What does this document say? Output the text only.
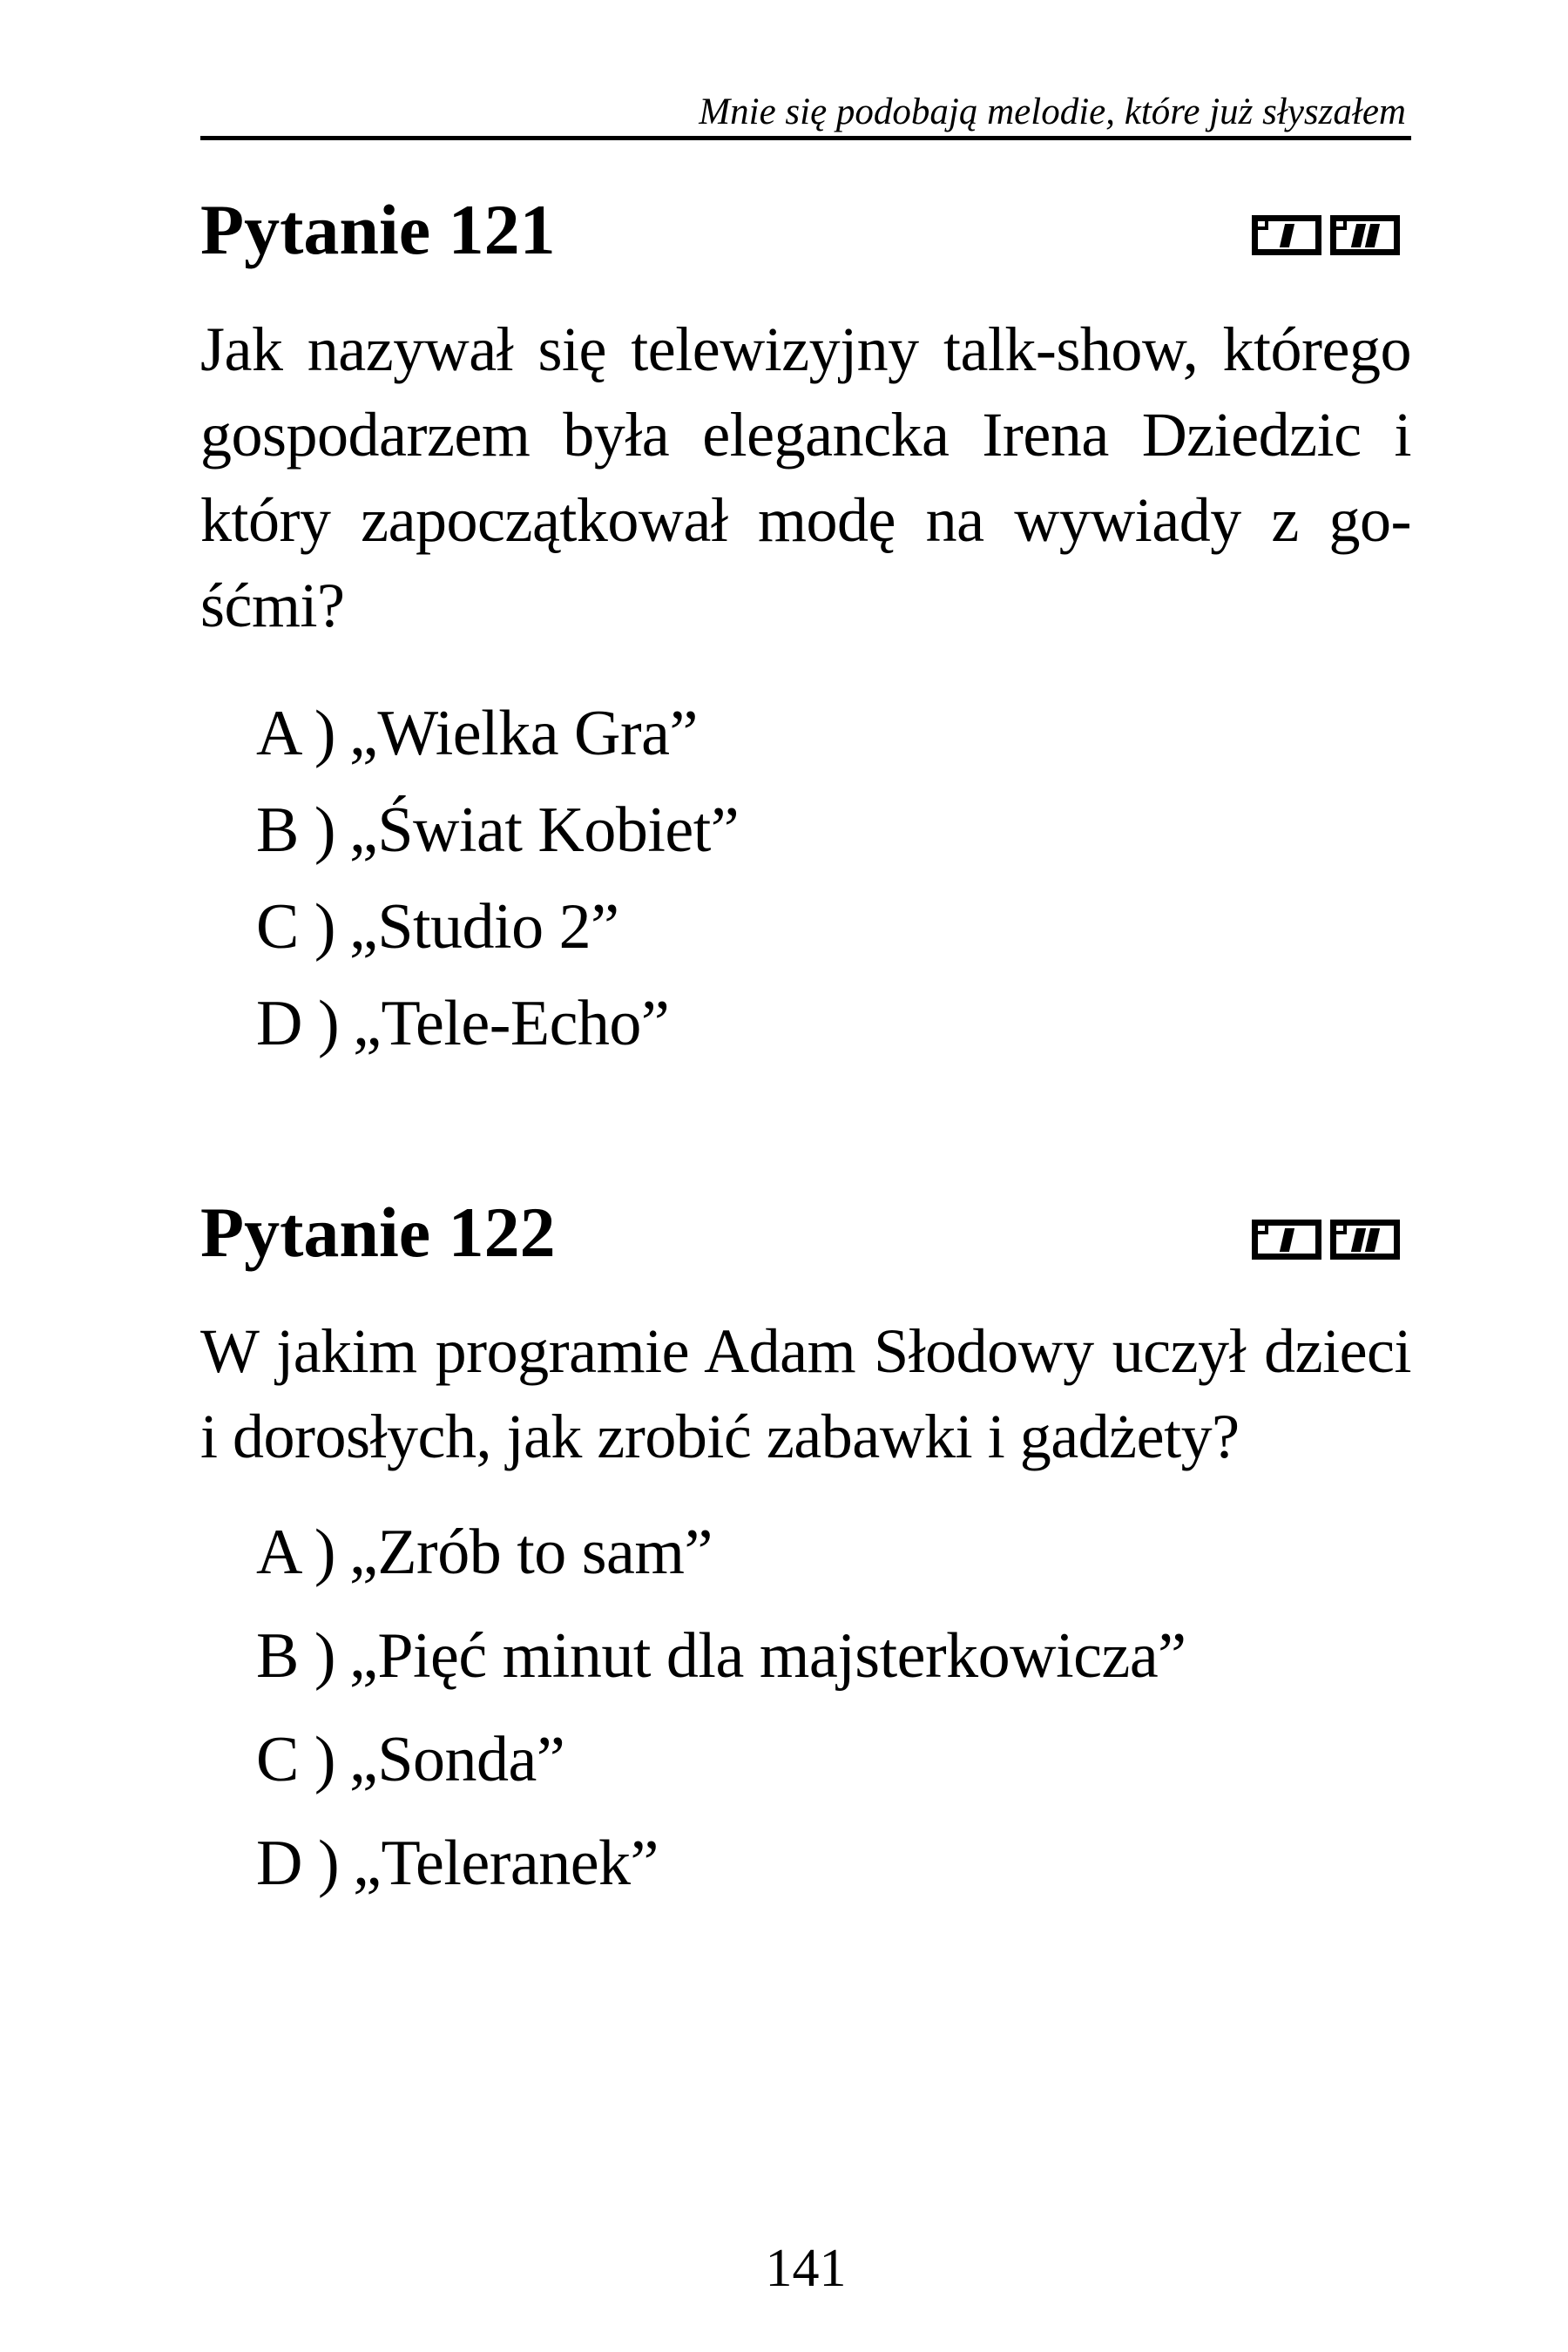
Mnie się podobają melodie, które już słyszałem
Pytanie 121
Jak nazywał się telewizyjny talk-show, którego
gospodarzem była elegancka Irena Dziedzic i
który zapoczątkował modę na wywiady z go-
śćmi?
A ) „Wielka Gra”
B ) „Świat Kobiet”
C ) „Studio 2”
D ) „Tele-Echo”
Pytanie 122
W jakim programie Adam Słodowy uczył dzieci
i dorosłych, jak zrobić zabawki i gadżety?
A ) „Zrób to sam”
B ) „Pięć minut dla majsterkowicza”
C ) „Sonda”
D ) „Teleranek”
141
